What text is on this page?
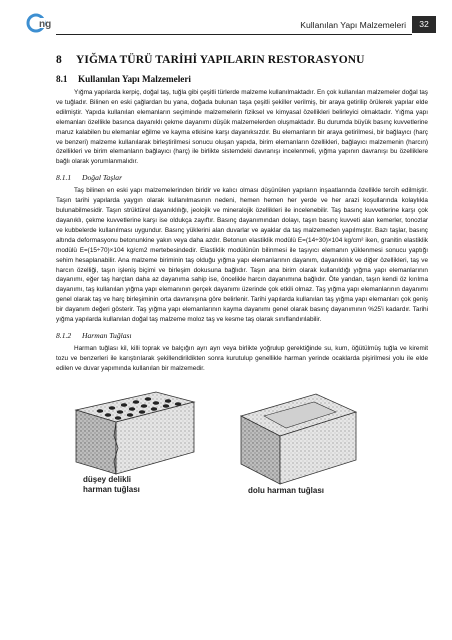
ng	Kullanılan Yapı Malzemeleri	32
8 YIĞMA TÜRÜ TARİHİ YAPILARIN RESTORASYONU
8.1 Kullanılan Yapı Malzemeleri

Yığma yapılarda kerpiç, doğal taş, tuğla gibi çeşitli türlerde malzeme kullanılmaktadır. En çok kullanılan malzemeler doğal taş ve tuğladır. Bilinen en eski çağlardan bu yana, doğada bulunan taşa çeşitli şekiller verilmiş, bir araya getirilip örülerek yapılar elde edilmiştir. Yapıda kullanılan elemanların seçiminde malzemelerin fiziksel ve kimyasal özellikleri belirleyici olmaktadır. Yığma yapı elemanları özellikle basınca dayanıklı çekme dayanımı düşük malzemelerden oluşmaktadır. Bu durumda büyük basınç kuvvetlerine maruz kalabilen bu elemanlar eğilme ve kayma etkisine karşı dayanıksızdır. Bu elemanların bir araya getirilmesi, bir bağlayıcı (harç ve benzeri) malzeme kullanılarak birleştirilmesi sonucu oluşan yapıda, birim elemanların özellikleri, bağlayıcı malzemenin (harcın) özellikleri ve birim elemanların bağlayıcı (harç) ile birlikte sistemdeki davranışı incelenmeli, yığma yapının davranışı bu özelliklere bağlı olarak yorumlanmalıdır.

8.1.1 Doğal Taşlar

Taş bilinen en eski yapı malzemelerinden biridir ve kalıcı olması düşünülen yapıların inşaatlarında özellikle tercih edilmiştir. Taşın tarihi yapılarda yaygın olarak kullanılmasının nedeni, hemen hemen her yerde ve her arazi koşullarında kolaylıkla bulunabilmesidir. Taşın strüktürel dayanıklılığı, jeolojik ve mineralojik özellikleri ile incelenebilir. Taş basınç kuvvetlerine karşı çok dayanıklı, çekme kuvvetlerine karşı ise oldukça zayıftır. Basınç dayanımından dolayı, taşın basınç kuvveti alan kemerler, tonozlar ve kubbelerde kullanılması uygundur. Basınç yüklerini alan duvarlar ve ayaklar da taş malzemeden yapılmıştır. Bazı taşlar, basınç altında deformasyonu betonunkine yakın veya daha azdır. Betonun elastiklik modülü E=(14÷30)×104 kg/cm² iken, granitin elastiklik modülü E=(15÷70)×104 kg/cm2 mertebesindedir. Elastiklik modülünün bilinmesi ile taşıyıcı elemanın yüklenmesi sonucu yaptığı sehim hesaplanabilir. Ana malzeme biriminin taş olduğu yığma yapı elemanlarının dayanım, dayanıklılık ve diğer özellikleri, taş ve harcın özelliği, taşın işleniş biçimi ve birleşim dokusuna bağlıdır. Taşın ana birim olarak kullanıldığı yığma yapı elemanlarının dayanımı, eğer taş harçtan daha az dayanıma sahip ise, öncelikle harcın dayanımına bağlıdır. Öte yandan, taşın kendi öz kırılma dayanımı, taş kullanılan yığma yapı elemanının gerçek dayanımı üzerinde çok etkili olmaz. Taş yığma yapı elemanlarının dayanımı genel olarak taş ve harç birleşiminin orta davranışına göre belirlenir. Tarihi yapılarda kullanılan taş yığma yapı elemanları çok geniş bir dayanım değeri gösterir. Taş yığma yapı elemanlarının kayma dayanımı genel olarak basınç dayanımının %25'i kadardır. Tarihi yığma yapılarda kullanılan doğal taş malzeme moloz taş ve kesme taş olarak sınıflandırılabilir.

8.1.2 Harman Tuğlası

Harman tuğlası kil, killi toprak ve balçığın ayrı ayrı veya birlikte yoğrulup gerektiğinde su, kum, öğütülmüş tuğla ve kiremit tozu ve benzerleri ile karıştırılarak şekillendirildikten sonra kurutulup genellikle harman yerinde ocaklarda pişirilmesi yolu ile elde edilen ve duvar yapımında kullanılan bir malzemedir.

düşey delikli
harman tuğlası	dolu harman tuğlası
